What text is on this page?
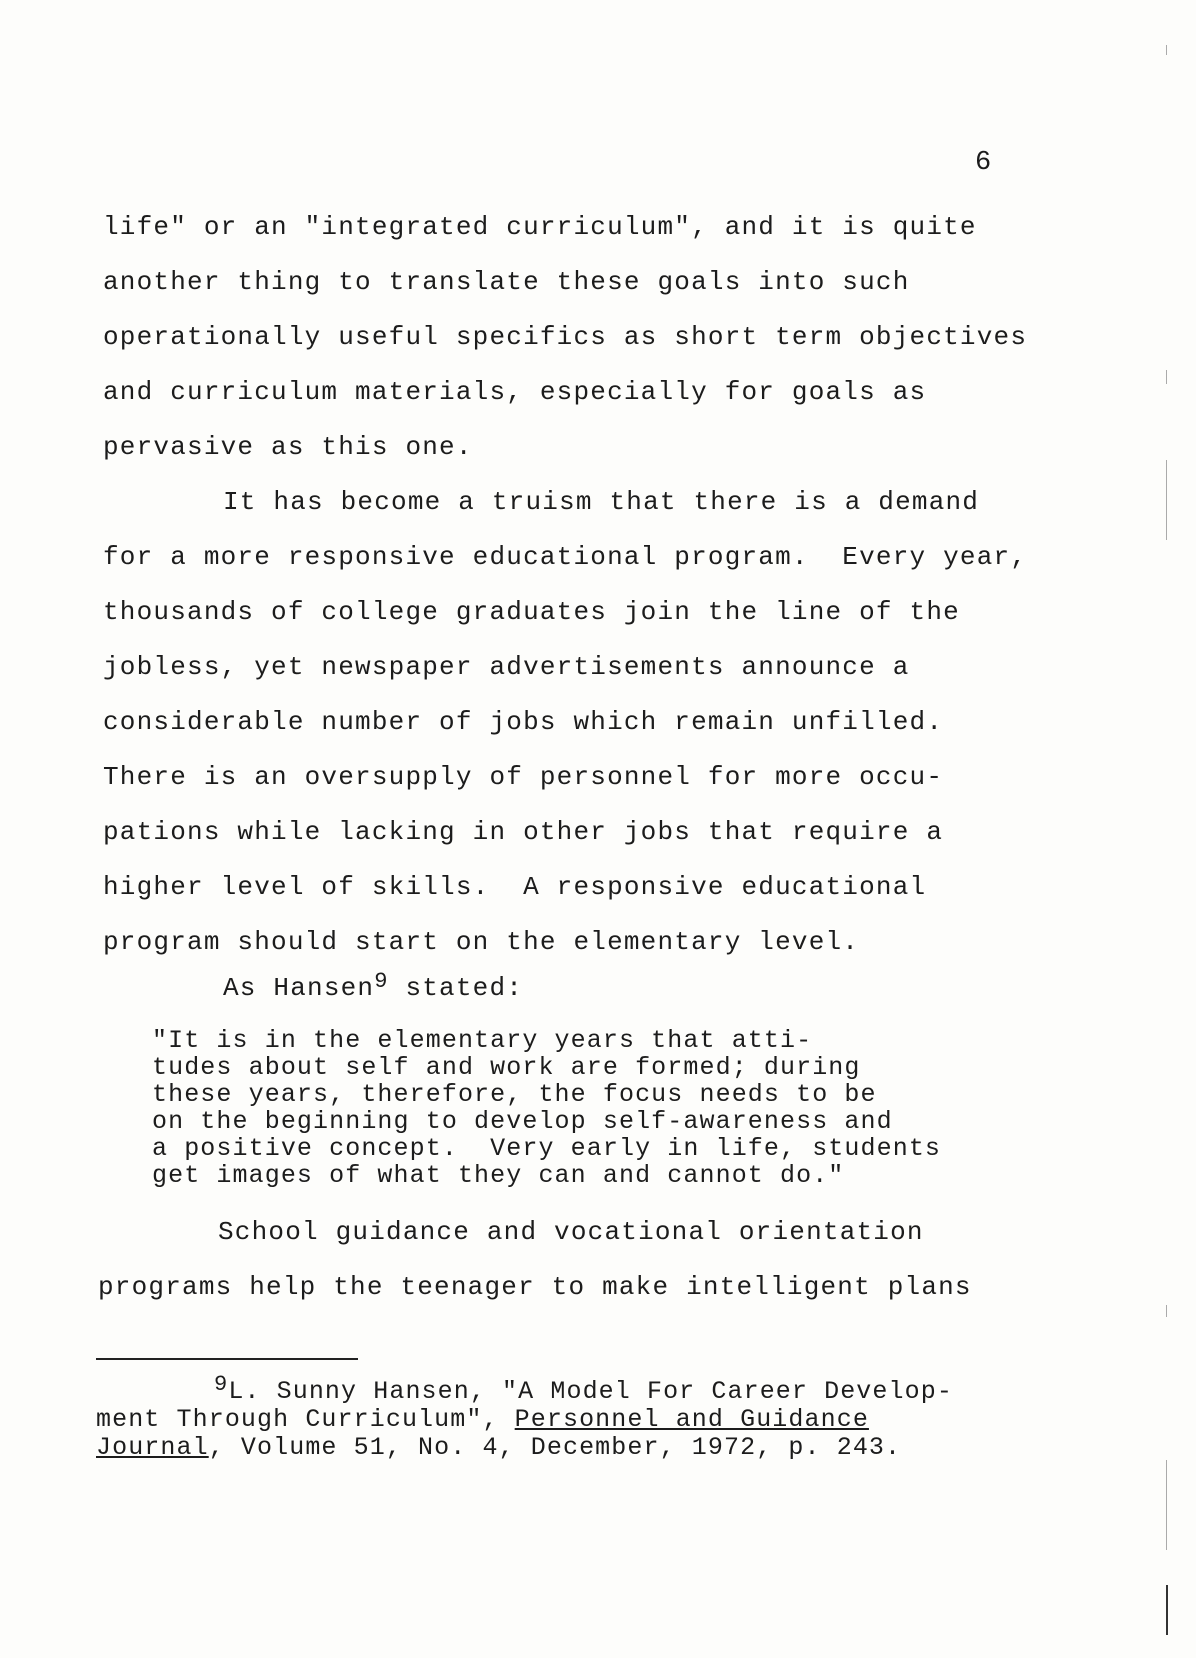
6
life" or an "integrated curriculum", and it is quite
another thing to translate these goals into such
operationally useful specifics as short term objectives
and curriculum materials, especially for goals as
pervasive as this one.
It has become a truism that there is a demand
for a more responsive educational program.  Every year,
thousands of college graduates join the line of the
jobless, yet newspaper advertisements announce a
considerable number of jobs which remain unfilled.
There is an oversupply of personnel for more occu-
pations while lacking in other jobs that require a
higher level of skills.  A responsive educational
program should start on the elementary level.
As Hansen$^9$ stated:
"It is in the elementary years that atti-
tudes about self and work are formed; during
these years, therefore, the focus needs to be
on the beginning to develop self-awareness and
a positive concept.  Very early in life, students
get images of what they can and cannot do."
School guidance and vocational orientation
programs help the teenager to make intelligent plans
9L. Sunny Hansen, "A Model For Career Develop-
ment Through Curriculum", Personnel and Guidance
Journal, Volume 51, No. 4, December, 1972, p. 243.
